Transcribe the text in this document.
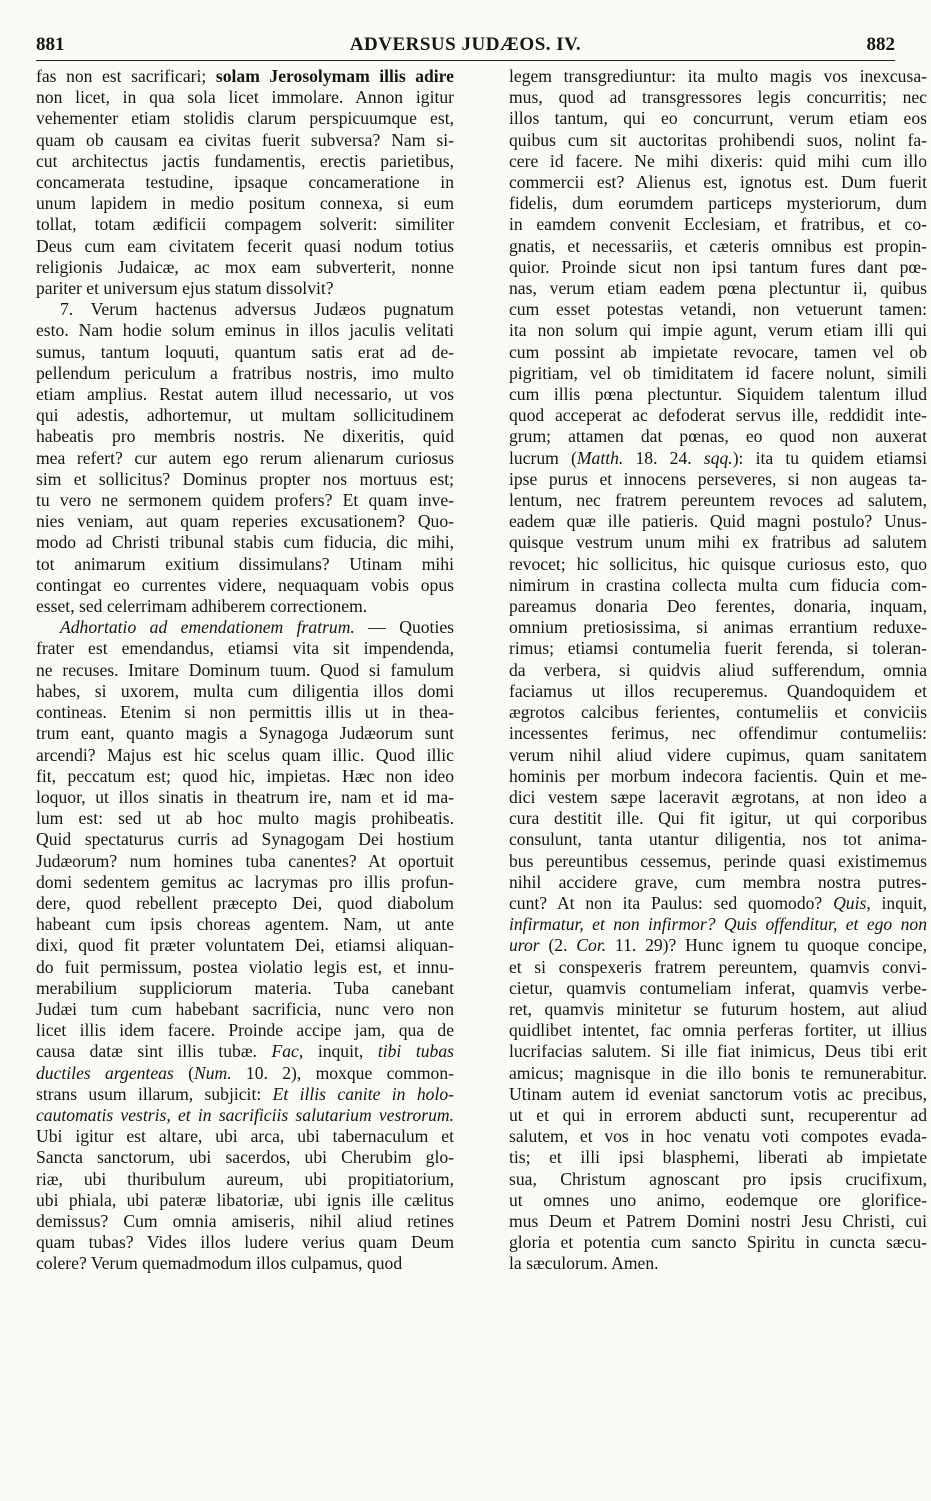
881	ADVERSUS JUDÆOS. IV.	882
fas non est sacrificari; solam Jerosolymam illis adire
non licet, in qua sola licet immolare. Annon igitur
vehementer etiam stolidis clarum perspicuumque est,
quam ob causam ea civitas fuerit subversa? Nam si-
cut architectus jactis fundamentis, erectis parietibus,
concamerata testudine, ipsaque concameratione in
unum lapidem in medio positum connexa, si eum
tollat, totam ædificii compagem solverit: similiter
Deus cum eam civitatem fecerit quasi nodum totius
religionis Judaicæ, ac mox eam subverterit, nonne
pariter et universum ejus statum dissolvit?
7. Verum hactenus adversus Judæos pugnatum
esto. Nam hodie solum eminus in illos jaculis velitati
sumus, tantum loquuti, quantum satis erat ad de-
pellendum periculum a fratribus nostris, imo multo
etiam amplius. Restat autem illud necessario, ut vos
qui adestis, adhortemur, ut multam sollicitudinem
habeatis pro membris nostris. Ne dixeritis, quid
mea refert? cur autem ego rerum alienarum curiosus
sim et sollicitus? Dominus propter nos mortuus est;
tu vero ne sermonem quidem profers? Et quam inve-
nies veniam, aut quam reperies excusationem? Quo-
modo ad Christi tribunal stabis cum fiducia, dic mihi,
tot animarum exitium dissimulans? Utinam mihi
contingat eo currentes videre, nequaquam vobis opus
esset, sed celerrimam adhiberem correctionem.
Adhortatio ad emendationem fratrum. — Quoties
frater est emendandus, etiamsi vita sit impendenda,
ne recuses. Imitare Dominum tuum. Quod si famulum
habes, si uxorem, multa cum diligentia illos domi
contineas. Etenim si non permittis illis ut in thea-
trum eant, quanto magis a Synagoga Judæorum sunt
arcendi? Majus est hic scelus quam illic. Quod illic
fit, peccatum est; quod hic, impietas. Hæc non ideo
loquor, ut illos sinatis in theatrum ire, nam et id ma-
lum est: sed ut ab hoc multo magis prohibeatis.
Quid spectaturus curris ad Synagogam Dei hostium
Judæorum? num homines tuba canentes? At oportuit
domi sedentem gemitus ac lacrymas pro illis profun-
dere, quod rebellent præcepto Dei, quod diabolum
habeant cum ipsis choreas agentem. Nam, ut ante
dixi, quod fit præter voluntatem Dei, etiamsi aliquan-
do fuit permissum, postea violatio legis est, et innu-
merabilium suppliciorum materia. Tuba canebant
Judæi tum cum habebant sacrificia, nunc vero non
licet illis idem facere. Proinde accipe jam, qua de
causa datæ sint illis tubæ. Fac, inquit, tibi tubas
ductiles argenteas (Num. 10. 2), moxque common-
strans usum illarum, subjicit: Et illis canite in holo-
cautomatis vestris, et in sacrificiis salutarium vestrorum.
Ubi igitur est altare, ubi arca, ubi tabernaculum et
Sancta sanctorum, ubi sacerdos, ubi Cherubim glo-
riæ, ubi thuribulum aureum, ubi propitiatorium,
ubi phiala, ubi pateræ libatoriæ, ubi ignis ille cælitus
demissus? Cum omnia amiseris, nihil aliud retines
quam tubas? Vides illos ludere verius quam Deum
colere? Verum quemadmodum illos culpamus, quod
legem transgrediuntur: ita multo magis vos inexcusa-
mus, quod ad transgressores legis concurritis; nec
illos tantum, qui eo concurrunt, verum etiam eos
quibus cum sit auctoritas prohibendi suos, nolint fa-
cere id facere. Ne mihi dixeris: quid mihi cum illo
commercii est? Alienus est, ignotus est. Dum fuerit
fidelis, dum eorumdem particeps mysteriorum, dum
in eamdem convenit Ecclesiam, et fratribus, et co-
gnatis, et necessariis, et cæteris omnibus est propin-
quior. Proinde sicut non ipsi tantum fures dant pœ-
nas, verum etiam eadem pœna plectuntur ii, quibus
cum esset potestas vetandi, non vetuerunt tamen:
ita non solum qui impie agunt, verum etiam illi qui
cum possint ab impietate revocare, tamen vel ob
pigritiam, vel ob timiditatem id facere nolunt, simili
cum illis pœna plectuntur. Siquidem talentum illud
quod acceperat ac defoderat servus ille, reddidit inte-
grum; attamen dat pœnas, eo quod non auxerat
lucrum (Matth. 18. 24. sqq.): ita tu quidem etiamsi
ipse purus et innocens perseveres, si non augeas ta-
lentum, nec fratrem pereuntem revoces ad salutem,
eadem quæ ille patieris. Quid magni postulo? Unus-
quisque vestrum unum mihi ex fratribus ad salutem
revocet; hic sollicitus, hic quisque curiosus esto, quo
nimirum in crastina collecta multa cum fiducia com-
pareamus donaria Deo ferentes, donaria, inquam,
omnium pretiosissima, si animas errantium reduxe-
rimus; etiamsi contumelia fuerit ferenda, si toleran-
da verbera, si quidvis aliud sufferendum, omnia
faciamus ut illos recuperemus. Quandoquidem et
ægrotos calcibus ferientes, contumeliis et conviciis
incessentes ferimus, nec offendimur contumeliis:
verum nihil aliud videre cupimus, quam sanitatem
hominis per morbum indecora facientis. Quin et me-
dici vestem sæpe laceravit ægrotans, at non ideo a
cura destitit ille. Qui fit igitur, ut qui corporibus
consulunt, tanta utantur diligentia, nos tot anima-
bus pereuntibus cessemus, perinde quasi existimemus
nihil accidere grave, cum membra nostra putres-
cunt? At non ita Paulus: sed quomodo? Quis, inquit,
infirmatur, et non infirmor? Quis offenditur, et ego non
uror (2. Cor. 11. 29)? Hunc ignem tu quoque concipe,
et si conspexeris fratrem pereuntem, quamvis convi-
cietur, quamvis contumeliam inferat, quamvis verbe-
ret, quamvis minitetur se futurum hostem, aut aliud
quidlibet intentet, fac omnia perferas fortiter, ut illius
lucrifacias salutem. Si ille fiat inimicus, Deus tibi erit
amicus; magnisque in die illo bonis te remunerabitur.
Utinam autem id eveniat sanctorum votis ac precibus,
ut et qui in errorem abducti sunt, recuperentur ad
salutem, et vos in hoc venatu voti compotes evada-
tis; et illi ipsi blasphemi, liberati ab impietate
sua, Christum agnoscant pro ipsis crucifixum,
ut omnes uno animo, eodemque ore glorifice-
mus Deum et Patrem Domini nostri Jesu Christi, cui
gloria et potentia cum sancto Spiritu in cuncta sæcu-
la sæculorum. Amen.
